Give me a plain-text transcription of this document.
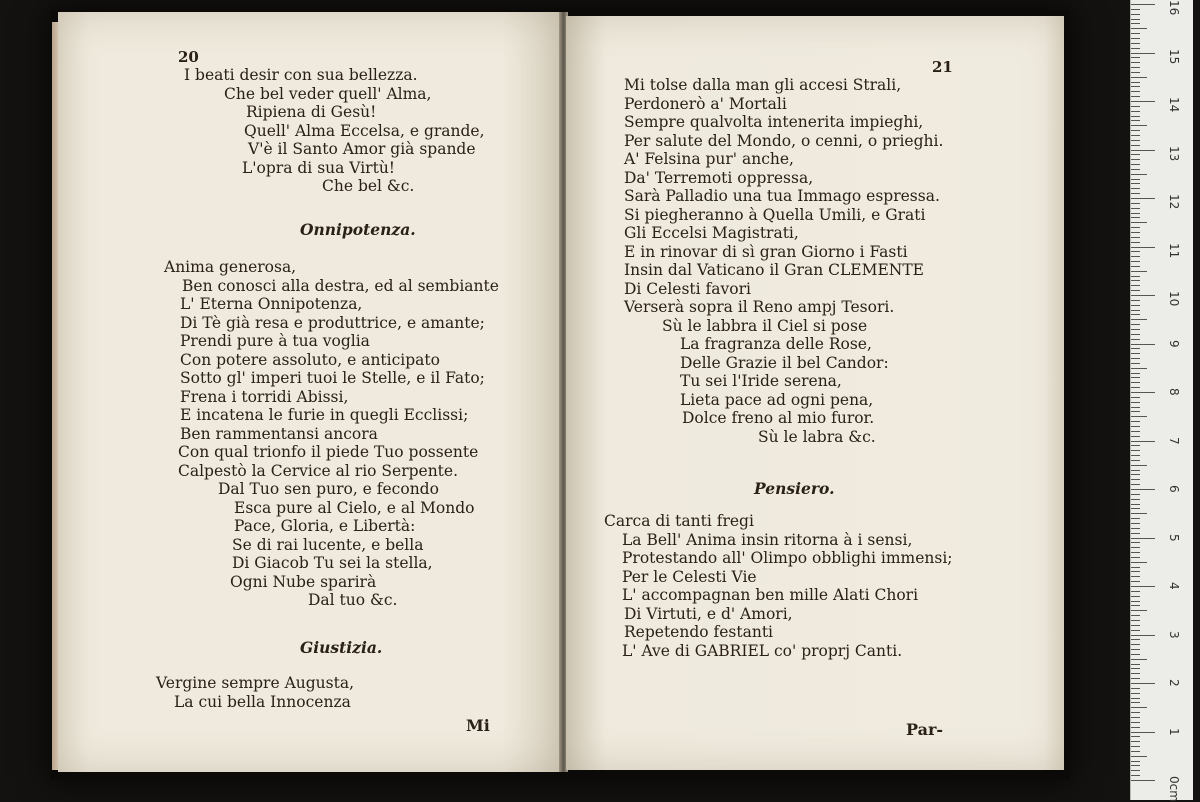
20
I beati desir con sua bellezza.
Che bel veder quell' Alma,
Ripiena di Gesù!
Quell' Alma Eccelsa, e grande,
V'è il Santo Amor già spande
L'opra di sua Virtù!
Che bel &c.
Onnipotenza.
Anima generosa,
Ben conosci alla destra, ed al sembiante
L' Eterna Onnipotenza,
Di Tè già resa e produttrice, e amante;
Prendi pure à tua voglia
Con potere assoluto, e anticipato
Sotto gl' imperi tuoi le Stelle, e il Fato;
Frena i torridi Abissi,
E incatena le furie in quegli Ecclissi;
Ben rammentansi ancora
Con qual trionfo il piede Tuo possente
Calpestò la Cervice al rio Serpente.
Dal Tuo sen puro, e fecondo
Esca pure al Cielo, e al Mondo
Pace, Gloria, e Libertà:
Se di rai lucente, e bella
Di Giacob Tu sei la stella,
Ogni Nube sparirà
Dal tuo &c.
Giustizia.
Vergine sempre Augusta,
La cui bella Innocenza
Mi
21
Mi tolse dalla man gli accesi Strali,
Perdonerò a' Mortali
Sempre qualvolta intenerita impieghi,
Per salute del Mondo, o cenni, o prieghi.
A' Felsina pur' anche,
Da' Terremoti oppressa,
Sarà Palladio una tua Immago espressa.
Si piegheranno à Quella Umili, e Grati
Gli Eccelsi Magistrati,
E in rinovar di sì gran Giorno i Fasti
Insin dal Vaticano il Gran CLEMENTE
Di Celesti favori
Verserà sopra il Reno ampj Tesori.
Sù le labbra il Ciel si pose
La fragranza delle Rose,
Delle Grazie il bel Candor:
Tu sei l'Iride serena,
Lieta pace ad ogni pena,
Dolce freno al mio furor.
Sù le labra &c.
Pensiero.
Carca di tanti fregi
La Bell' Anima insin ritorna à i sensi,
Protestando all' Olimpo obblighi immensi;
Per le Celesti Vie
L' accompagnan ben mille Alati Chori
Di Virtuti, e d' Amori,
Repetendo festanti
L' Ave di GABRIEL co' proprj Canti.
Par-
0cm
1
2
3
4
5
6
7
8
9
10
11
12
13
14
15
16
